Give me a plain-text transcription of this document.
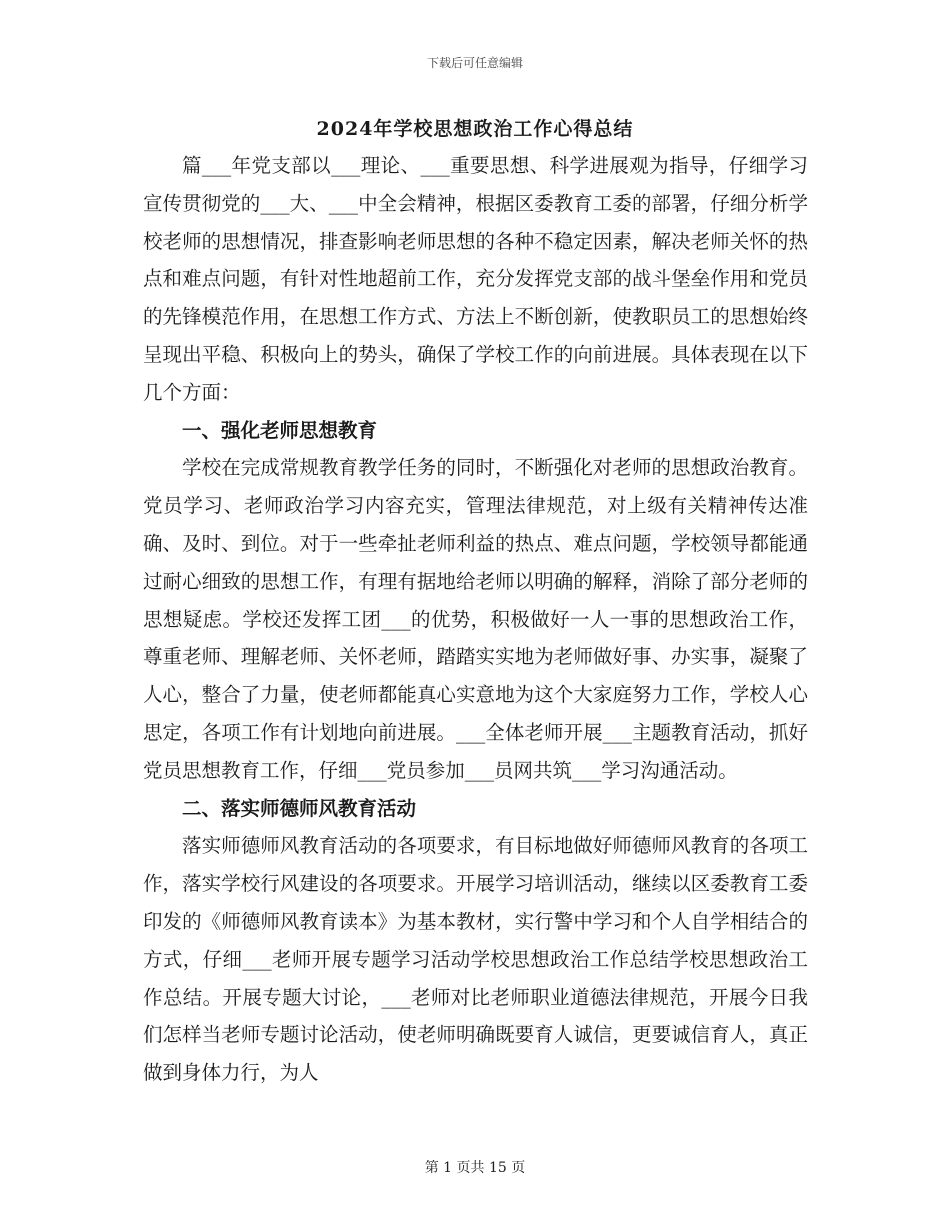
下载后可任意编辑
2024年学校思想政治工作心得总结

篇___年党支部以___理论、___重要思想、科学进展观为指导，仔细学习宣传贯彻党的___大、___中全会精神，根据区委教育工委的部署，仔细分析学校老师的思想情况，排查影响老师思想的各种不稳定因素，解决老师关怀的热点和难点问题，有针对性地超前工作，充分发挥党支部的战斗堡垒作用和党员的先锋模范作用，在思想工作方式、方法上不断创新，使教职员工的思想始终呈现出平稳、积极向上的势头，确保了学校工作的向前进展。具体表现在以下几个方面：

一、强化老师思想教育

学校在完成常规教育教学任务的同时，不断强化对老师的思想政治教育。党员学习、老师政治学习内容充实，管理法律规范，对上级有关精神传达准确、及时、到位。对于一些牵扯老师利益的热点、难点问题，学校领导都能通过耐心细致的思想工作，有理有据地给老师以明确的解释，消除了部分老师的思想疑虑。学校还发挥工团___的优势，积极做好一人一事的思想政治工作，尊重老师、理解老师、关怀老师，踏踏实实地为老师做好事、办实事，凝聚了人心，整合了力量，使老师都能真心实意地为这个大家庭努力工作，学校人心思定，各项工作有计划地向前进展。___全体老师开展___主题教育活动，抓好党员思想教育工作，仔细___党员参加___员网共筑___学习沟通活动。

二、落实师德师风教育活动

落实师德师风教育活动的各项要求，有目标地做好师德师风教育的各项工作，落实学校行风建设的各项要求。开展学习培训活动，继续以区委教育工委印发的《师德师风教育读本》为基本教材，实行警中学习和个人自学相结合的方式，仔细___老师开展专题学习活动学校思想政治工作总结学校思想政治工作总结。开展专题大讨论，___老师对比老师职业道德法律规范，开展今日我们怎样当老师专题讨论活动，使老师明确既要育人诚信，更要诚信育人，真正做到身体力行，为人

第 1 页共 15 页
